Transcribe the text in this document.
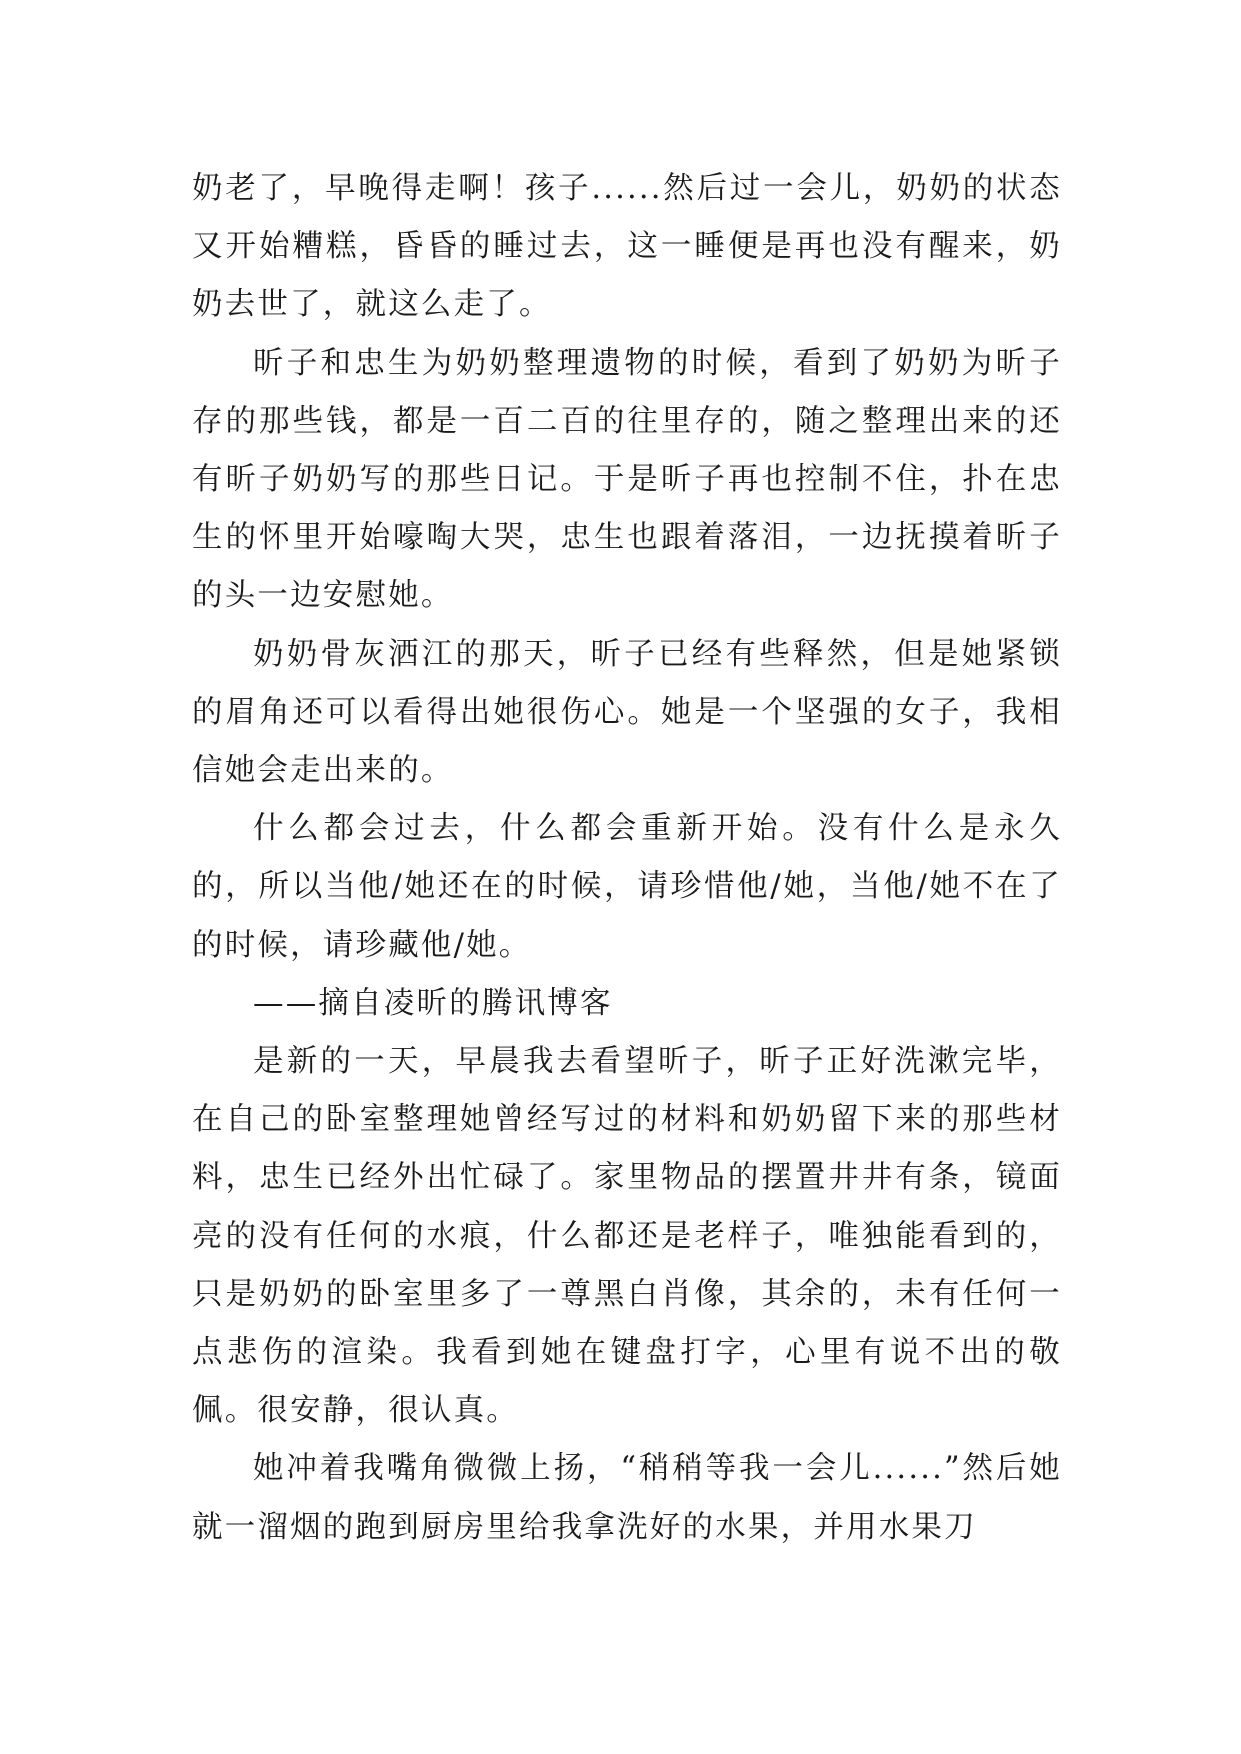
奶老了，早晚得走啊！孩子......然后过一会儿，奶奶的状态又开始糟糕，昏昏的睡过去，这一睡便是再也没有醒来，奶奶去世了，就这么走了。

昕子和忠生为奶奶整理遗物的时候，看到了奶奶为昕子存的那些钱，都是一百二百的往里存的，随之整理出来的还有昕子奶奶写的那些日记。于是昕子再也控制不住，扑在忠生的怀里开始嚎啕大哭，忠生也跟着落泪，一边抚摸着昕子的头一边安慰她。

奶奶骨灰洒江的那天，昕子已经有些释然，但是她紧锁的眉角还可以看得出她很伤心。她是一个坚强的女子，我相信她会走出来的。

什么都会过去，什么都会重新开始。没有什么是永久的，所以当他/她还在的时候，请珍惜他/她，当他/她不在了的时候，请珍藏他/她。

——摘自凌昕的腾讯博客

是新的一天，早晨我去看望昕子，昕子正好洗漱完毕，在自己的卧室整理她曾经写过的材料和奶奶留下来的那些材料，忠生已经外出忙碌了。家里物品的摆置井井有条，镜面亮的没有任何的水痕，什么都还是老样子，唯独能看到的，只是奶奶的卧室里多了一尊黑白肖像，其余的，未有任何一点悲伤的渲染。我看到她在键盘打字，心里有说不出的敬佩。很安静，很认真。

她冲着我嘴角微微上扬，“稍稍等我一会儿......”然后她就一溜烟的跑到厨房里给我拿洗好的水果，并用水果刀
